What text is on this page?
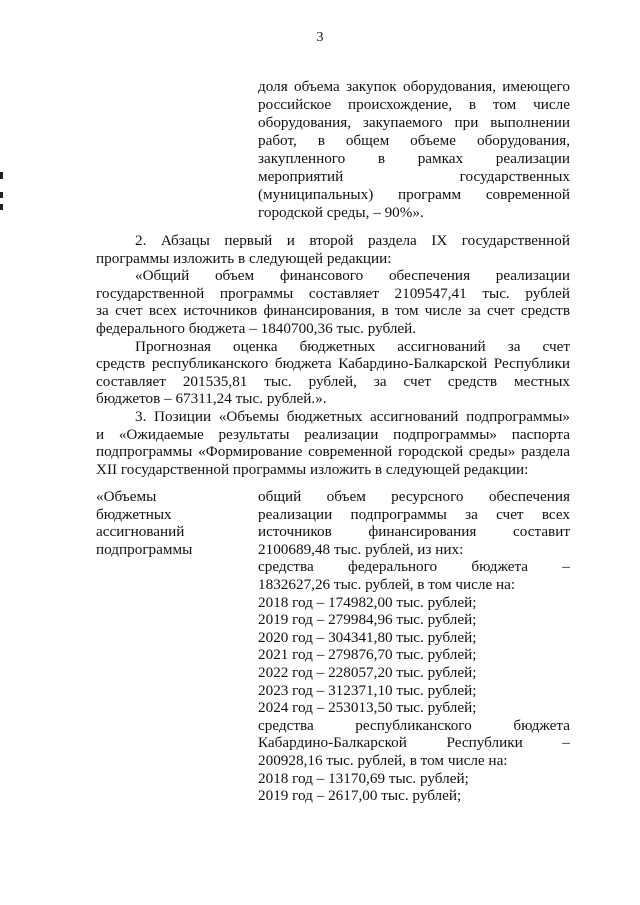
3
доля объема закупок оборудования, имеющего
российское происхождение, в том числе
оборудования, закупаемого при выполнении
работ, в общем объеме оборудования,
закупленного в рамках реализации
мероприятий государственных
(муниципальных) программ современной
городской среды, – 90%».
2. Абзацы первый и второй раздела IX государственной
программы изложить в следующей редакции:
«Общий объем финансового обеспечения реализации
государственной программы составляет 2109547,41 тыс. рублей
за счет всех источников финансирования, в том числе за счет средств
федерального бюджета – 1840700,36 тыс. рублей.
Прогнозная оценка бюджетных ассигнований за счет
средств республиканского бюджета Кабардино-Балкарской Республики
составляет 201535,81 тыс. рублей, за счет средств местных
бюджетов – 67311,24 тыс. рублей.».
3. Позиции «Объемы бюджетных ассигнований подпрограммы»
и «Ожидаемые результаты реализации подпрограммы» паспорта
подпрограммы «Формирование современной городской среды» раздела
XII государственной программы изложить в следующей редакции:
«Объемы
бюджетных
ассигнований
подпрограммы
общий объем ресурсного обеспечения
реализации подпрограммы за счет всех
источников финансирования составит
2100689,48 тыс. рублей, из них:
средства федерального бюджета –
1832627,26 тыс. рублей, в том числе на:
2018 год – 174982,00 тыс. рублей;
2019 год – 279984,96 тыс. рублей;
2020 год – 304341,80 тыс. рублей;
2021 год – 279876,70 тыс. рублей;
2022 год – 228057,20 тыс. рублей;
2023 год – 312371,10 тыс. рублей;
2024 год – 253013,50 тыс. рублей;
средства республиканского бюджета
Кабардино-Балкарской Республики –
200928,16 тыс. рублей, в том числе на:
2018 год – 13170,69 тыс. рублей;
2019 год – 2617,00 тыс. рублей;
